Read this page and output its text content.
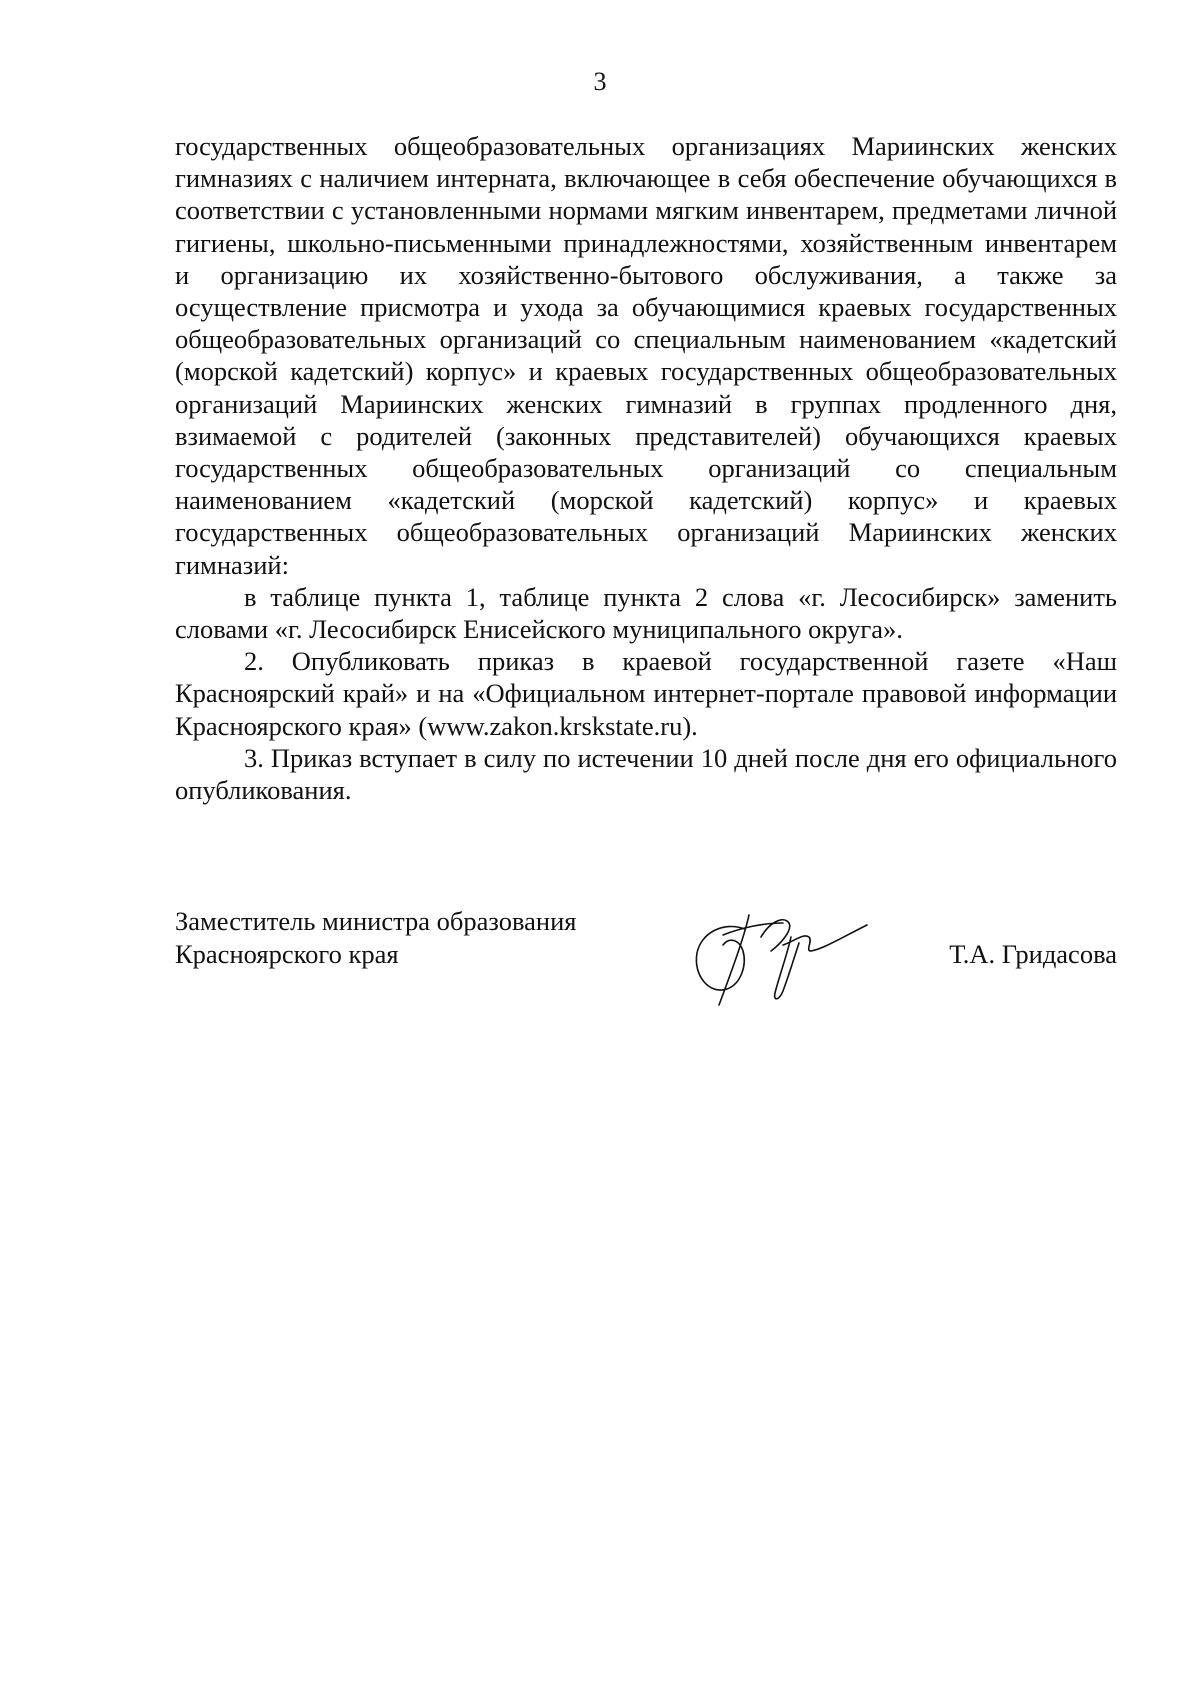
3

государственных общеобразовательных организациях Мариинских женских гимназиях с наличием интерната, включающее в себя обеспечение обучающихся в соответствии с установленными нормами мягким инвентарем, предметами личной гигиены, школьно-письменными принадлежностями, хозяйственным инвентарем и организацию их хозяйственно-бытового обслуживания, а также за осуществление присмотра и ухода за обучающимися краевых государственных общеобразовательных организаций со специальным наименованием «кадетский (морской кадетский) корпус» и краевых государственных общеобразовательных организаций Мариинских женских гимназий в группах продленного дня, взимаемой с родителей (законных представителей) обучающихся краевых государственных общеобразовательных организаций со специальным наименованием «кадетский (морской кадетский) корпус» и краевых государственных общеобразовательных организаций Мариинских женских гимназий:

в таблице пункта 1, таблице пункта 2 слова «г. Лесосибирск» заменить словами «г. Лесосибирск Енисейского муниципального округа».

2. Опубликовать приказ в краевой государственной газете «Наш Красноярский край» и на «Официальном интернет-портале правовой информации Красноярского края» (www.zakon.krskstate.ru).

3. Приказ вступает в силу по истечении 10 дней после дня его официального опубликования.

Заместитель министра образования
Красноярского края	Т.А. Гридасова
